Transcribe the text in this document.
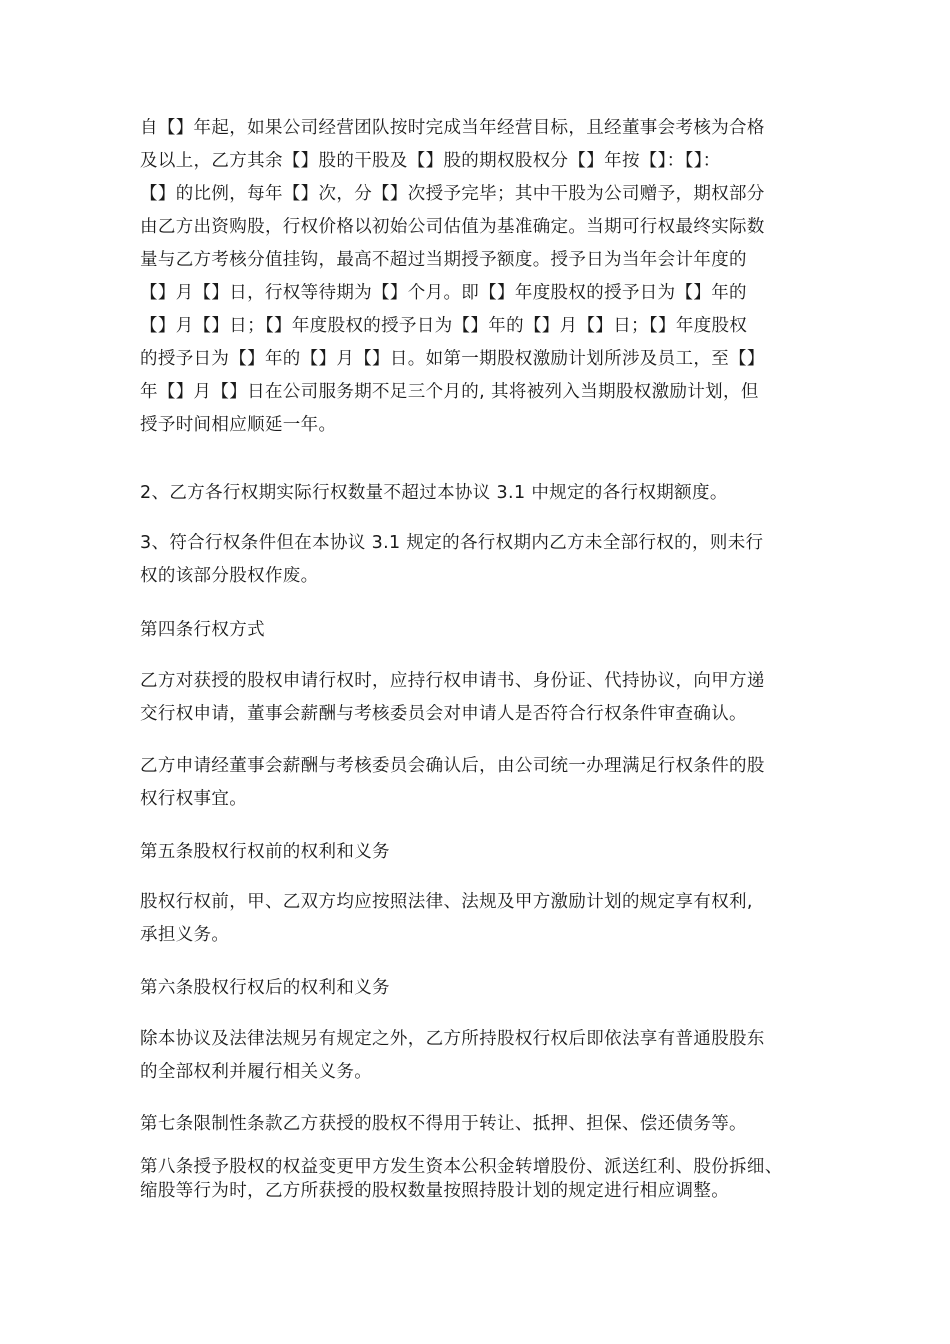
自【】年起，如果公司经营团队按时完成当年经营目标，且经董事会考核为合格
及以上，乙方其余【】股的干股及【】股的期权股权分【】年按【】：【】：
【】的比例，每年【】次，分【】次授予完毕；其中干股为公司赠予，期权部分
由乙方出资购股，行权价格以初始公司估值为基准确定。当期可行权最终实际数
量与乙方考核分值挂钩，最高不超过当期授予额度。授予日为当年会计年度的
【】月【】日，行权等待期为【】个月。即【】年度股权的授予日为【】年的
【】月【】日；【】年度股权的授予日为【】年的【】月【】日；【】年度股权
的授予日为【】年的【】月【】日。如第一期股权激励计划所涉及员工，至【】
年【】月【】日在公司服务期不足三个月的, 其将被列入当期股权激励计划，但
授予时间相应顺延一年。
2、乙方各行权期实际行权数量不超过本协议 3.1 中规定的各行权期额度。
3、符合行权条件但在本协议 3.1 规定的各行权期内乙方未全部行权的，则未行
权的该部分股权作废。
第四条行权方式
乙方对获授的股权申请行权时，应持行权申请书、身份证、代持协议，向甲方递
交行权申请，董事会薪酬与考核委员会对申请人是否符合行权条件审查确认。
乙方申请经董事会薪酬与考核委员会确认后，由公司统一办理满足行权条件的股
权行权事宜。
第五条股权行权前的权利和义务
股权行权前，甲、乙双方均应按照法律、法规及甲方激励计划的规定享有权利,
承担义务。
第六条股权行权后的权利和义务
除本协议及法律法规另有规定之外，乙方所持股权行权后即依法享有普通股股东
的全部权利并履行相关义务。
第七条限制性条款乙方获授的股权不得用于转让、抵押、担保、偿还债务等。
第八条授予股权的权益变更甲方发生资本公积金转增股份、派送红利、股份拆细、
缩股等行为时，乙方所获授的股权数量按照持股计划的规定进行相应调整。
